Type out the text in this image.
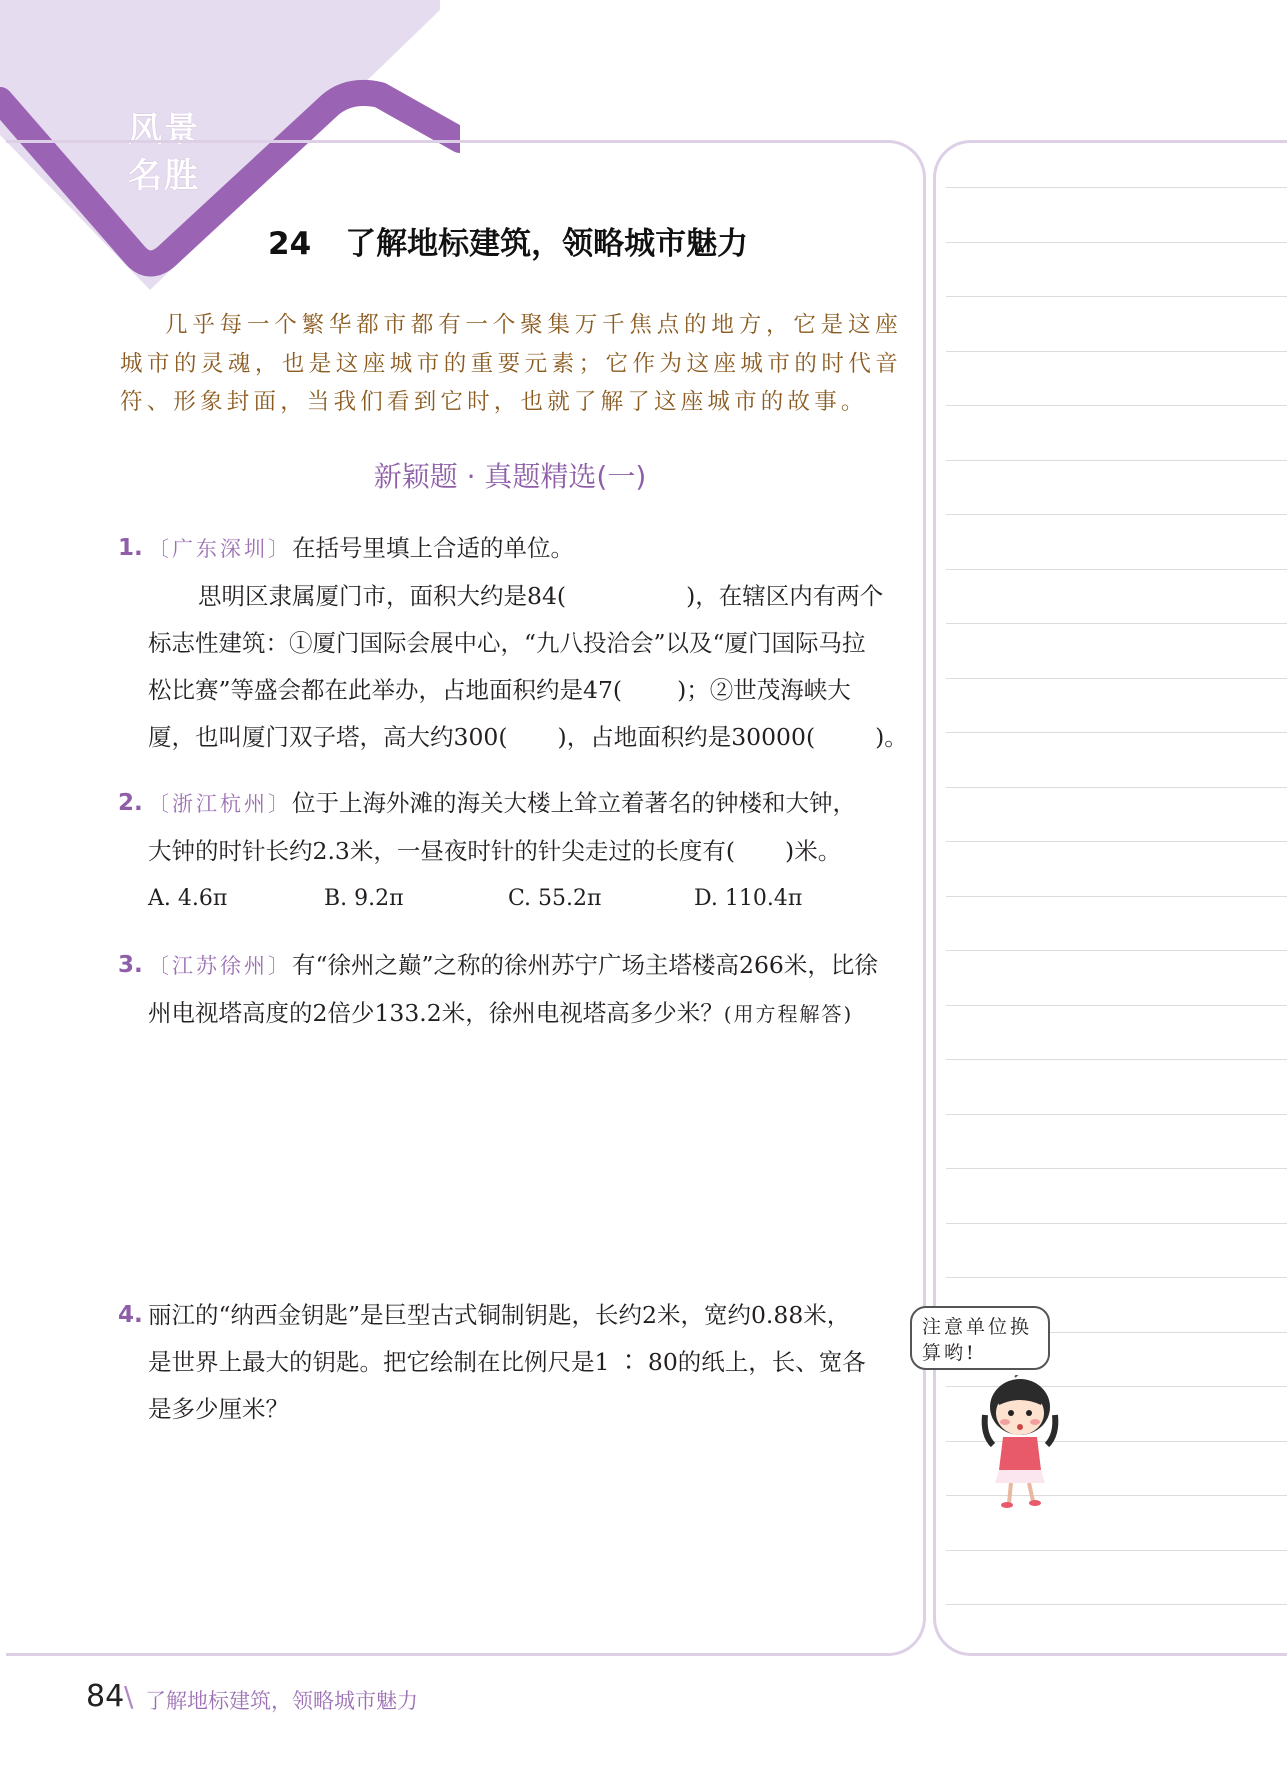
风景
名胜
24 了解地标建筑，领略城市魅力
几乎每一个繁华都市都有一个聚集万千焦点的地方，它是这座城市的灵魂，也是这座城市的重要元素；它作为这座城市的时代音符、形象封面，当我们看到它时，也就了解了这座城市的故事。
新颖题 · 真题精选(一)
1. 〔广东深圳〕在括号里填上合适的单位。
思明区隶属厦门市，面积大约是84(	)，在辖区内有两个
标志性建筑：①厦门国际会展中心，“九八投洽会”以及“厦门国际马拉
松比赛”等盛会都在此举办，占地面积约是47( )；②世茂海峡大
厦，也叫厦门双子塔，高大约300( )，占地面积约是30000(	)。
2. 〔浙江杭州〕位于上海外滩的海关大楼上耸立着著名的钟楼和大钟，
大钟的时针长约2.3米，一昼夜时针的针尖走过的长度有( )米。
A. 4.6π	B. 9.2π	C. 55.2π	D. 110.4π
3. 〔江苏徐州〕有“徐州之巅”之称的徐州苏宁广场主塔楼高266米，比徐
州电视塔高度的2倍少133.2米，徐州电视塔高多少米？(用方程解答)
4. 丽江的“纳西金钥匙”是巨型古式铜制钥匙，长约2米，宽约0.88米，
是世界上最大的钥匙。把它绘制在比例尺是1 ∶ 80的纸上，长、宽各
是多少厘米？
注意单位换
算哟!
84 \ 了解地标建筑，领略城市魅力
